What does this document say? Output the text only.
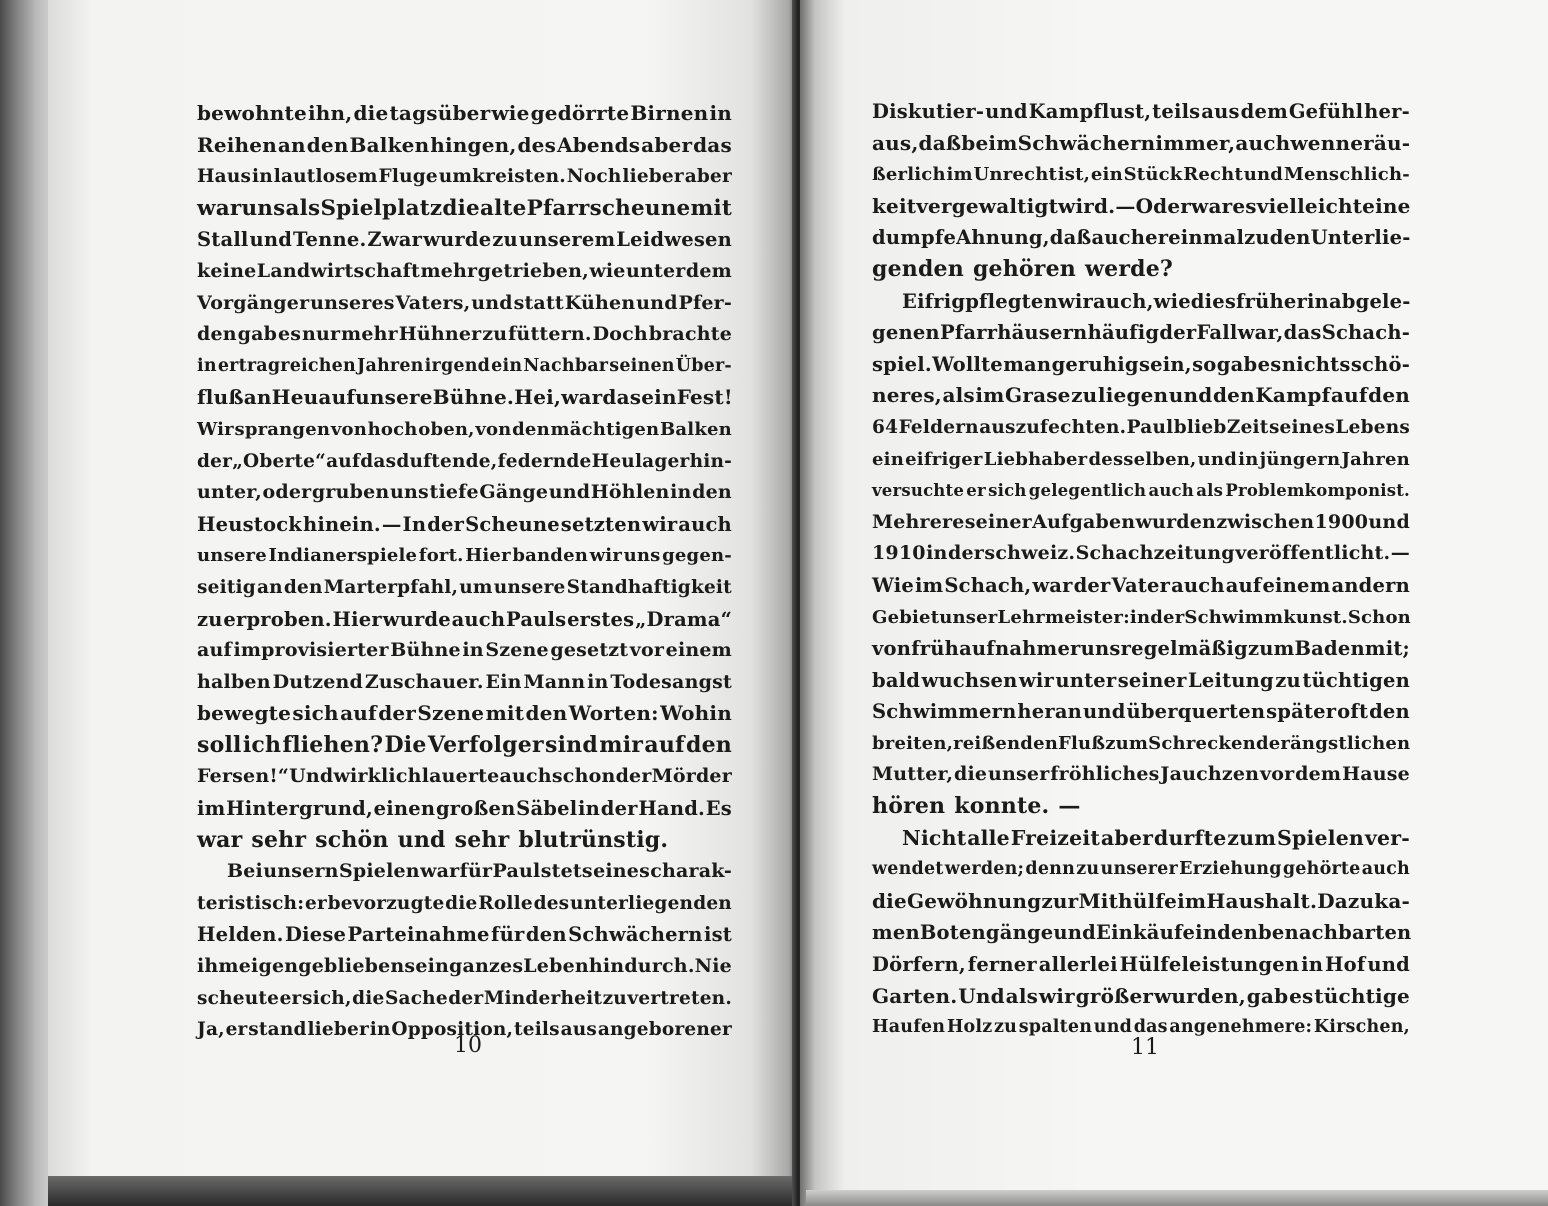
bewohnte ihn, die tagsüber wie gedörrte Birnen in
Reihen an den Balken hingen, des Abends aber das
Haus in lautlosem Fluge umkreisten. Noch lieber aber
war uns als Spielplatz die alte Pfarrscheune mit
Stall und Tenne. Zwar wurde zu unserem Leidwesen
keine Landwirtschaft mehr getrieben, wie unter dem
Vorgänger unseres Vaters, und statt Kühen und Pfer-
den gab es nur mehr Hühner zu füttern. Doch brachte
in ertragreichen Jahren irgend ein Nachbar seinen Über-
fluß an Heu auf unsere Bühne. Hei, war das ein Fest!
Wir sprangen von hoch oben, von den mächtigen Balken
der „Oberte“ auf das duftende, federnde Heulager hin-
unter, oder gruben uns tiefe Gänge und Höhlen in den
Heustock hinein. — In der Scheune setzten wir auch
unsere Indianerspiele fort. Hier banden wir uns gegen-
seitig an den Marterpfahl, um unsere Standhaftigkeit
zu erproben. Hier wurde auch Pauls erstes „Drama“
auf improvisierter Bühne in Szene gesetzt vor einem
halben Dutzend Zuschauer. Ein Mann in Todesangst
bewegte sich auf der Szene mit den Worten: Wohin
soll ich fliehen? Die Verfolger sind mir auf den
Fersen!“ Und wirklich lauerte auch schon der Mörder
im Hintergrund, einen großen Säbel in der Hand. Es
war sehr schön und sehr blutrünstig.
Bei unsern Spielen war für Paul stets eines charak-
teristisch: er bevorzugte die Rolle des unterliegenden
Helden. Diese Parteinahme für den Schwächern ist
ihm eigen geblieben sein ganzes Leben hindurch. Nie
scheute er sich, die Sache der Minderheit zu vertreten.
Ja, er stand lieber in Opposition, teils aus angeborener
10
Diskutier- und Kampflust, teils aus dem Gefühl her-
aus, daß beim Schwächern immer, auch wenn er äu-
ßerlich im Unrecht ist, ein Stück Recht und Menschlich-
keit vergewaltigt wird. — Oder war es vielleicht eine
dumpfe Ahnung, daß auch er einmal zu den Unterlie-
genden gehören werde?
Eifrig pflegten wir auch, wie dies früher in abgele-
genen Pfarrhäusern häufig der Fall war, das Schach-
spiel. Wollte man geruhig sein, so gab es nichts schö-
neres, als im Grase zu liegen und den Kampf auf den
64 Feldern auszufechten. Paul blieb Zeit seines Lebens
ein eifriger Liebhaber desselben, und in jüngern Jahren
versuchte er sich gelegentlich auch als Problemkomponist.
Mehrere seiner Aufgaben wurden zwischen 1900 und
1910 in der schweiz. Schachzeitung veröffentlicht. —
Wie im Schach, war der Vater auch auf einem andern
Gebiet unser Lehrmeister: in der Schwimmkunst. Schon
von früh auf nahm er uns regelmäßig zum Baden mit;
bald wuchsen wir unter seiner Leitung zu tüchtigen
Schwimmern heran und überquerten später oft den
breiten, reißenden Fluß zum Schrecken der ängstlichen
Mutter, die unser fröhliches Jauchzen vor dem Hause
hören konnte. —
Nicht alle Freizeit aber durfte zum Spielen ver-
wendet werden; denn zu unserer Erziehung gehörte auch
die Gewöhnung zur Mithülfe im Haushalt. Dazu ka-
men Botengänge und Einkäufe in den benachbarten
Dörfern, ferner allerlei Hülfeleistungen in Hof und
Garten. Und als wir größer wurden, gab es tüchtige
Haufen Holz zu spalten und das angenehmere: Kirschen,
11
